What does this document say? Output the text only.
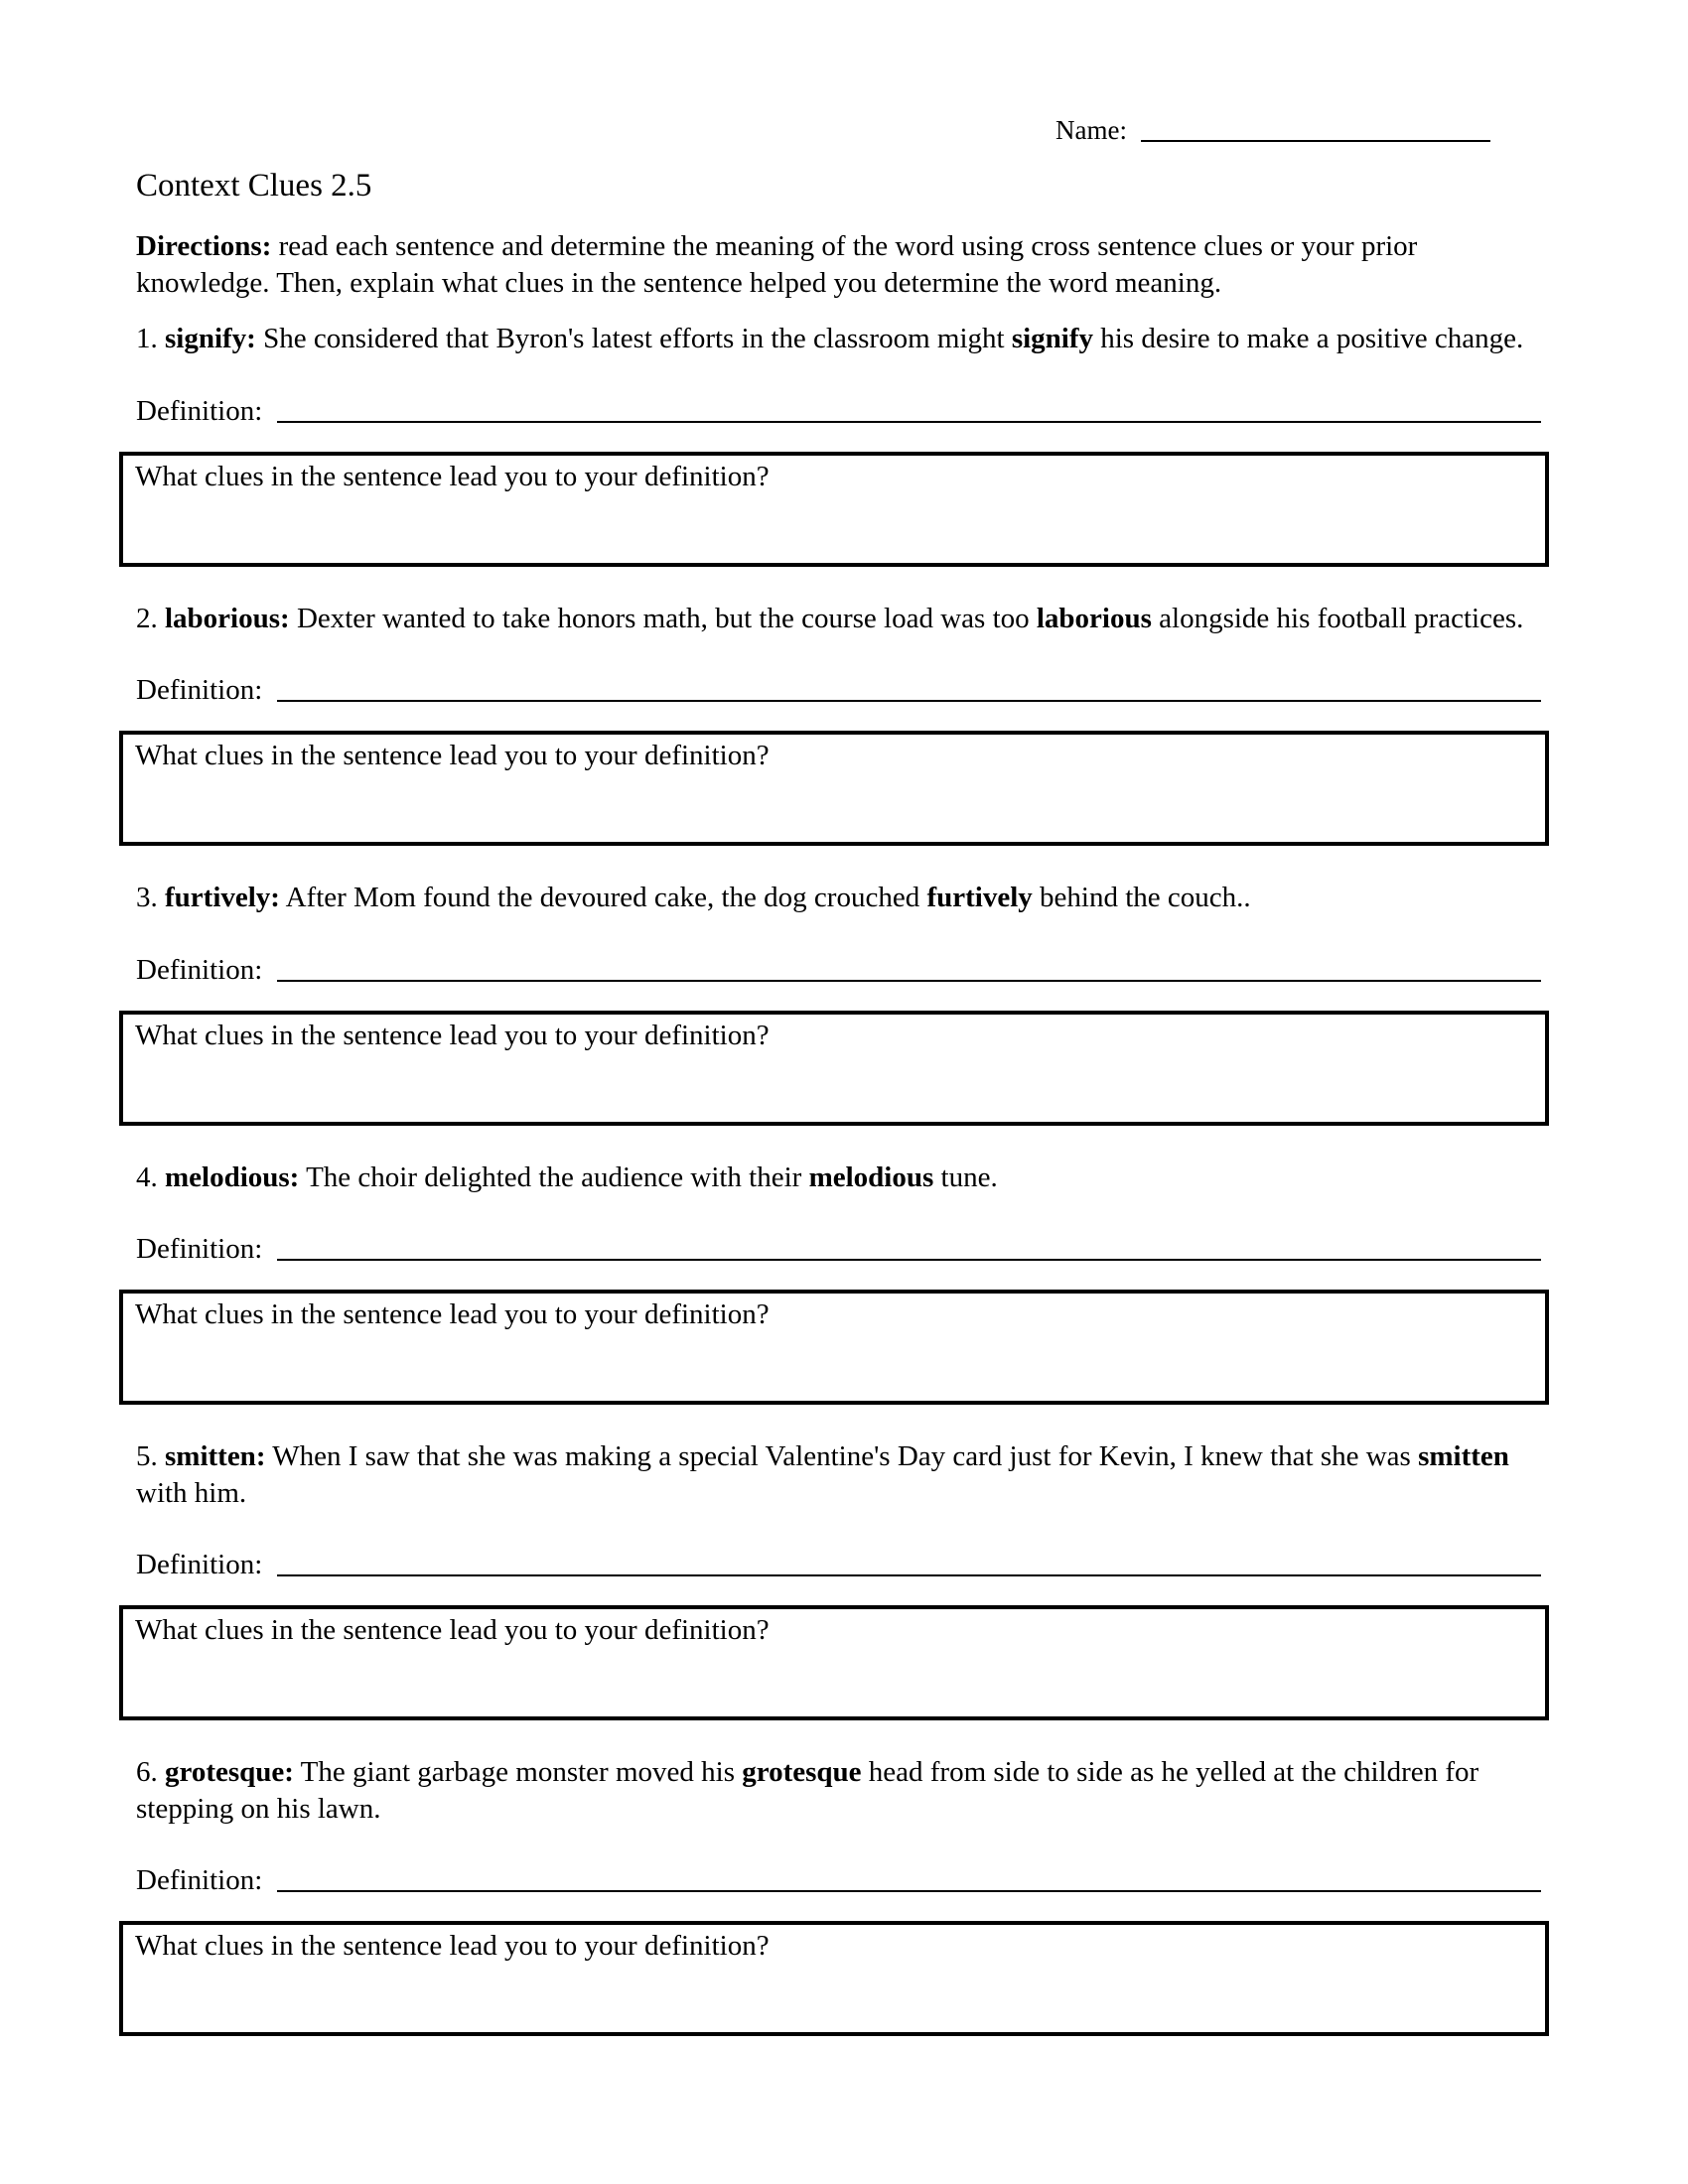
Name:
Context Clues 2.5

Directions: read each sentence and determine the meaning of the word using cross sentence clues or your prior knowledge. Then, explain what clues in the sentence helped you determine the word meaning.

1. signify: She considered that Byron's latest efforts in the classroom might signify his desire to make a positive change.

Definition:
What clues in the sentence lead you to your definition?

2. laborious: Dexter wanted to take honors math, but the course load was too laborious alongside his football practices.

Definition:
What clues in the sentence lead you to your definition?

3. furtively: After Mom found the devoured cake, the dog crouched furtively behind the couch..

Definition:
What clues in the sentence lead you to your definition?

4. melodious: The choir delighted the audience with their melodious tune.

Definition:
What clues in the sentence lead you to your definition?

5. smitten: When I saw that she was making a special Valentine's Day card just for Kevin, I knew that she was smitten with him.

Definition:
What clues in the sentence lead you to your definition?

6. grotesque: The giant garbage monster moved his grotesque head from side to side as he yelled at the children for stepping on his lawn.

Definition:
What clues in the sentence lead you to your definition?
